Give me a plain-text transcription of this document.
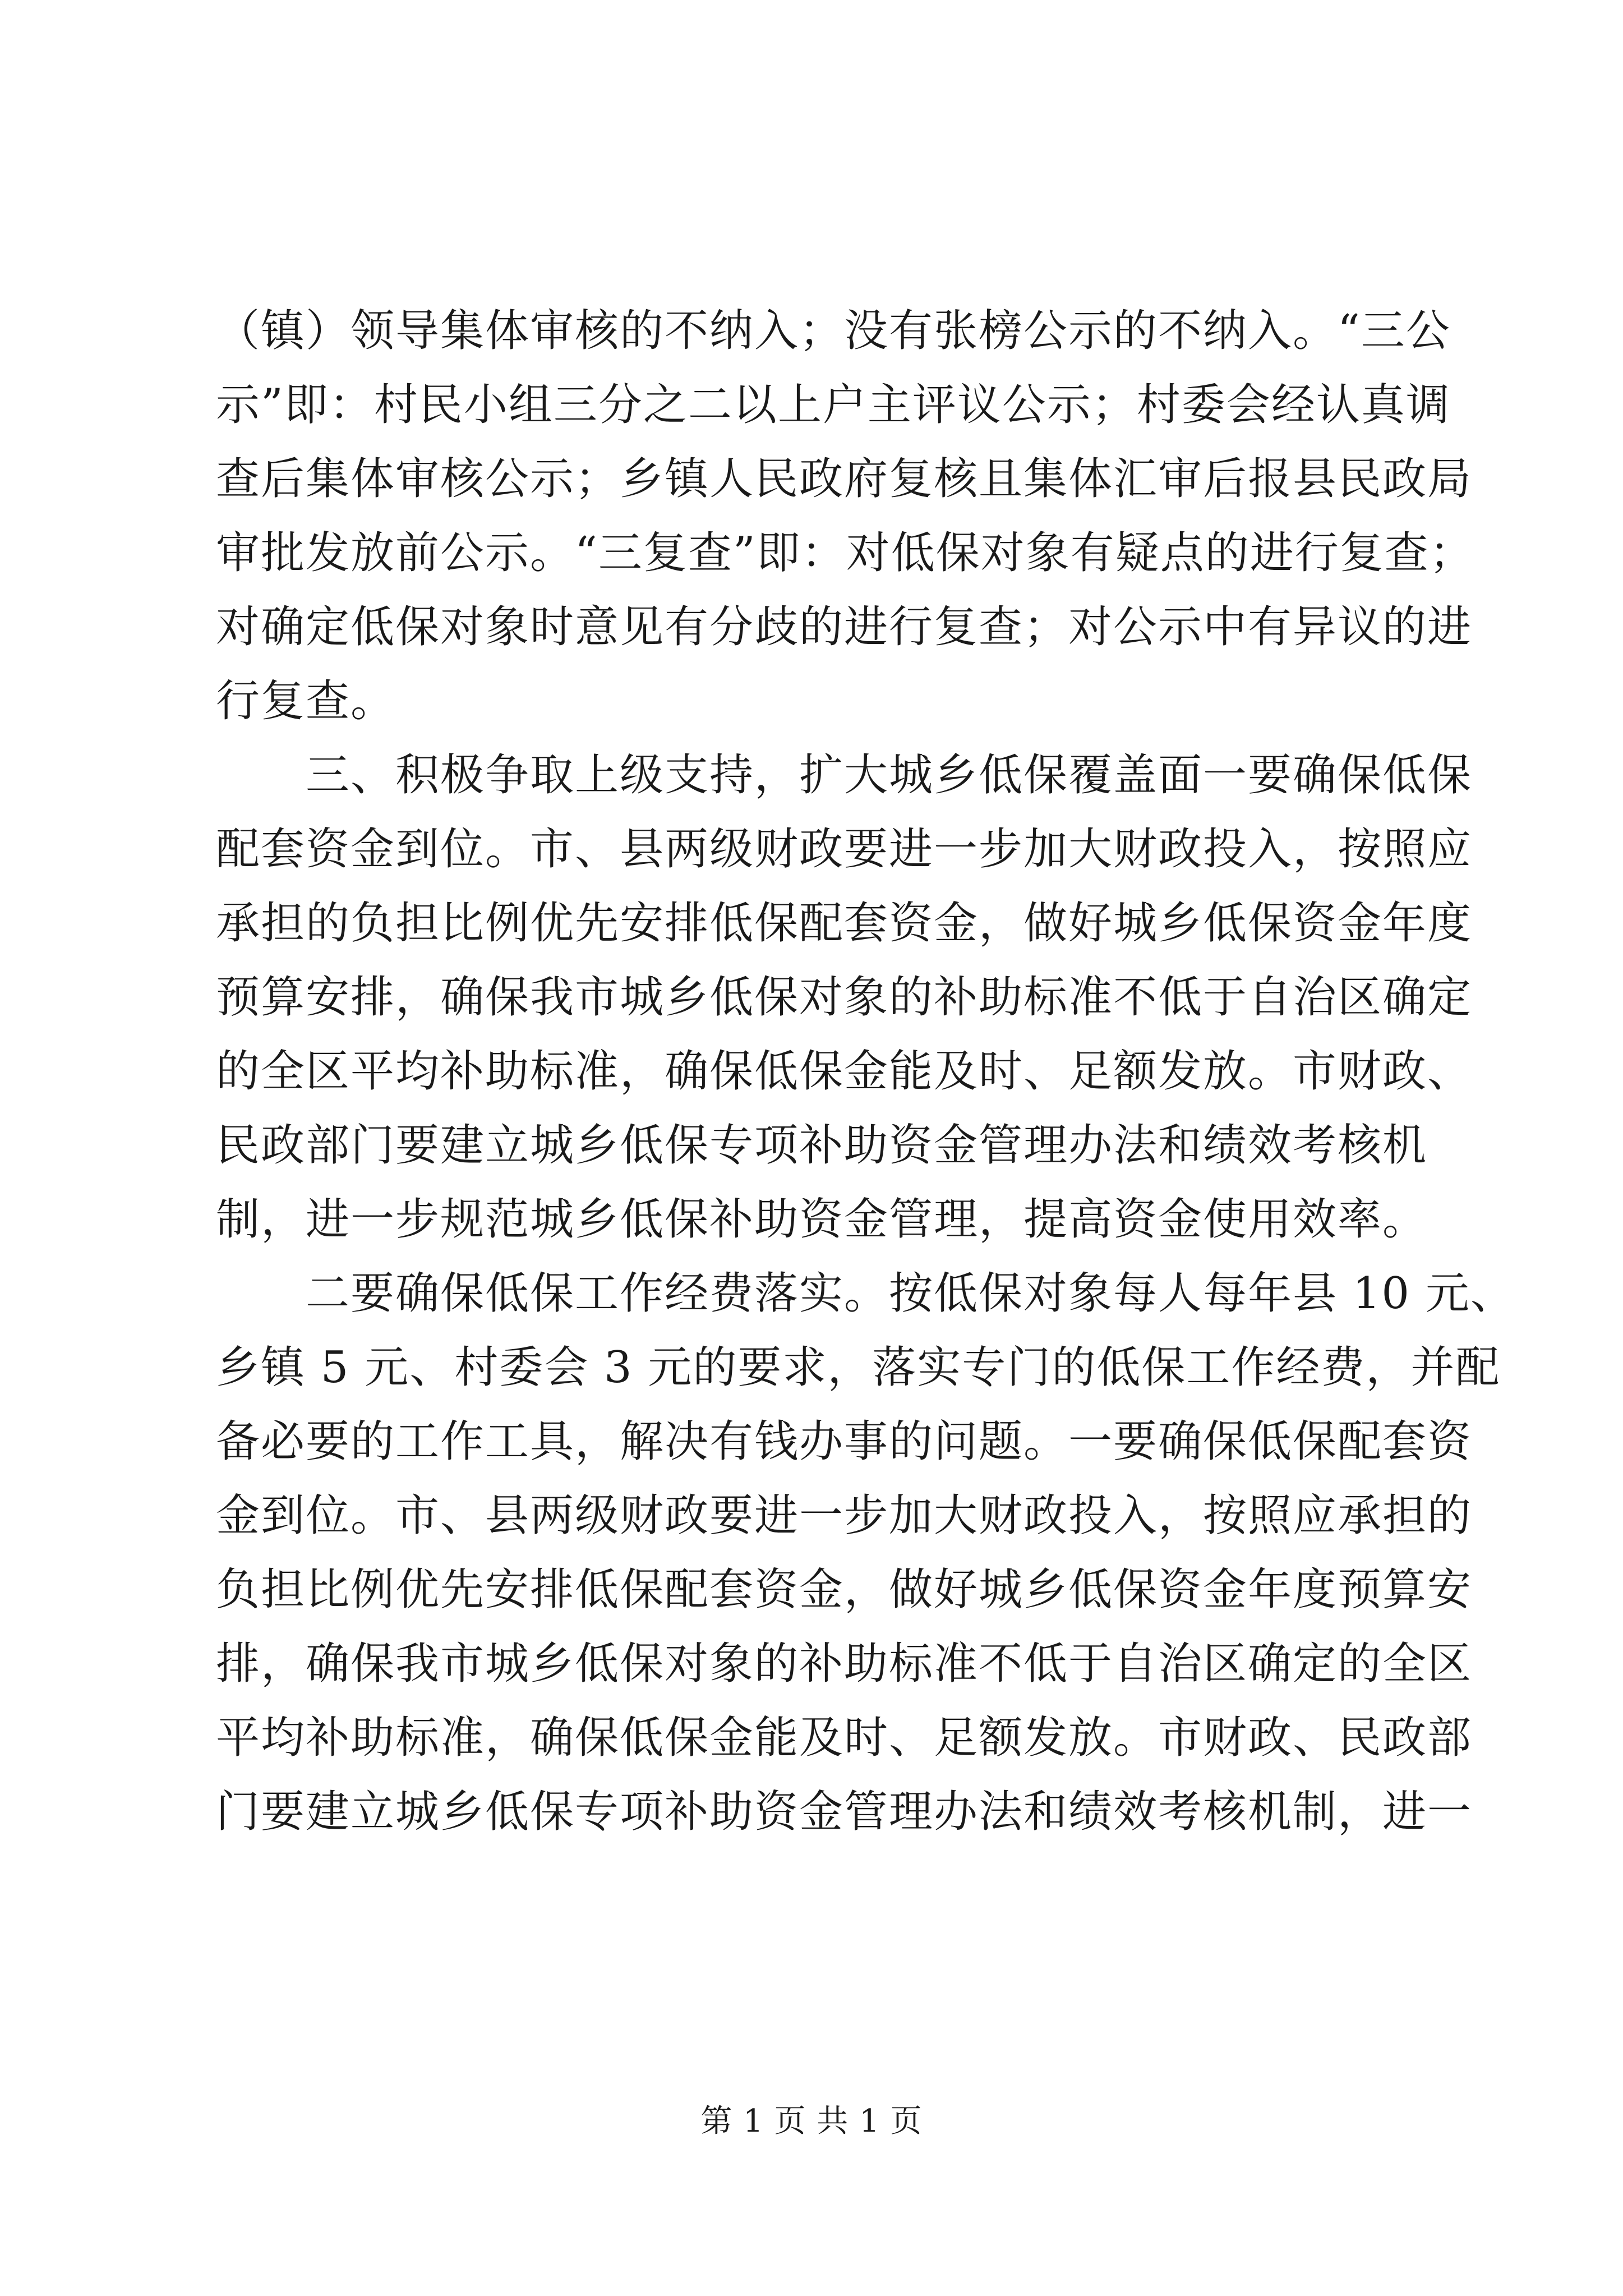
（镇）领导集体审核的不纳入；没有张榜公示的不纳入。“三公
示”即：村民小组三分之二以上户主评议公示；村委会经认真调
查后集体审核公示；乡镇人民政府复核且集体汇审后报县民政局
审批发放前公示。“三复查”即：对低保对象有疑点的进行复查；
对确定低保对象时意见有分歧的进行复查；对公示中有异议的进
行复查。
　　三、积极争取上级支持，扩大城乡低保覆盖面一要确保低保
配套资金到位。市、县两级财政要进一步加大财政投入，按照应
承担的负担比例优先安排低保配套资金，做好城乡低保资金年度
预算安排，确保我市城乡低保对象的补助标准不低于自治区确定
的全区平均补助标准，确保低保金能及时、足额发放。市财政、
民政部门要建立城乡低保专项补助资金管理办法和绩效考核机
制，进一步规范城乡低保补助资金管理，提高资金使用效率。
　　二要确保低保工作经费落实。按低保对象每人每年县 10 元、
乡镇 5 元、村委会 3 元的要求，落实专门的低保工作经费，并配
备必要的工作工具，解决有钱办事的问题。一要确保低保配套资
金到位。市、县两级财政要进一步加大财政投入，按照应承担的
负担比例优先安排低保配套资金，做好城乡低保资金年度预算安
排，确保我市城乡低保对象的补助标准不低于自治区确定的全区
平均补助标准，确保低保金能及时、足额发放。市财政、民政部
门要建立城乡低保专项补助资金管理办法和绩效考核机制，进一
第 1 页 共 1 页
